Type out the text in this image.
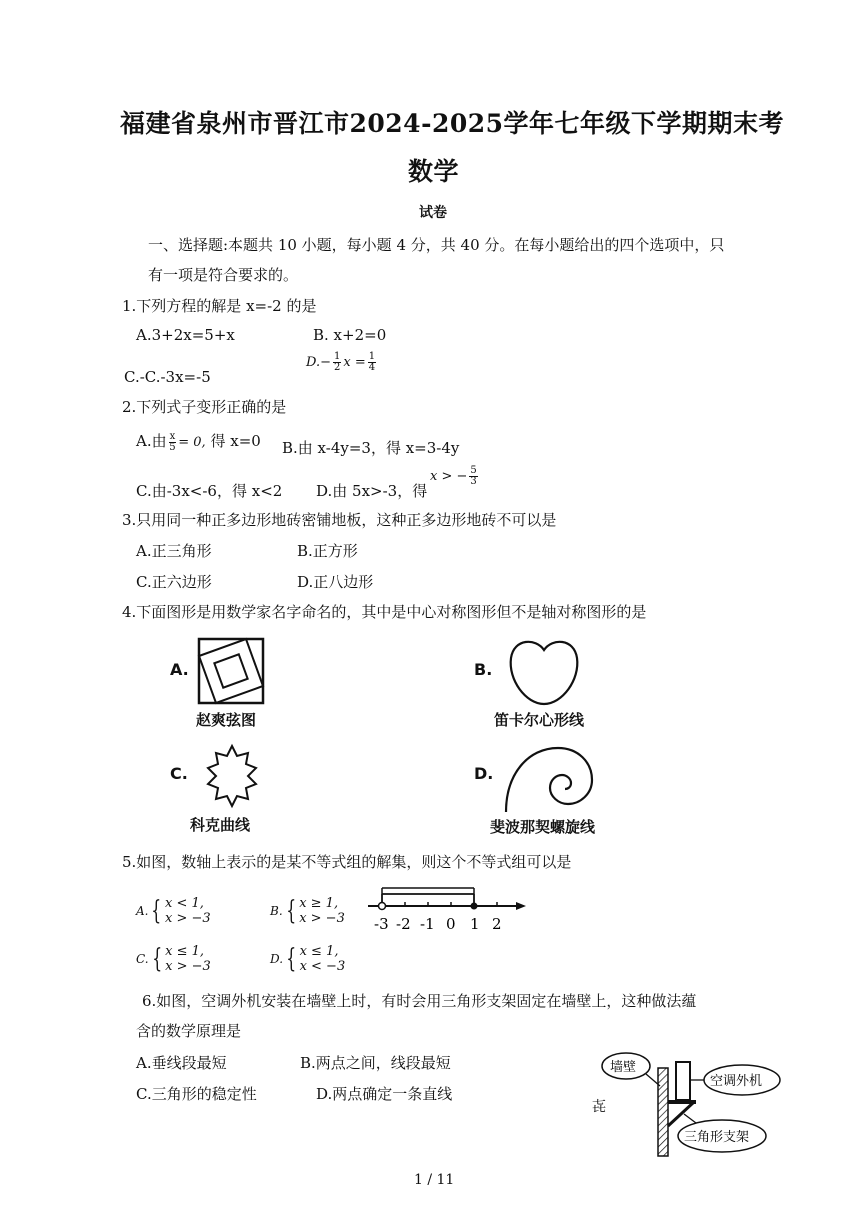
福建省泉州市晋江市2024-2025学年七年级下学期期末考
数学
试卷
一、选择题:本题共 10 小题，每小题 4 分，共 40 分。在每小题给出的四个选项中，只
有一项是符合要求的。
1.下列方程的解是 x=-2 的是
A.3+2x=5+x	B. x+2=0
C.-C.-3x=-5
$D.- \frac{1}{2}$ $x = \frac{1}{4}$
2.下列式子变形正确的是
A.由 $\frac{x}{5} = 0$, 得 x=0 B.由 x-4y=3，得 x=3-4y
C.由-3x<-6，得 x<2 D.由 5x>-3，得
x > − $\frac{5}{3}$
3.只用同一种正多边形地砖密铺地板，这种正多边形地砖不可以是
A.正三角形	B.正方形
C.正六边形	D.正八边形
4.下面图形是用数学家名字命名的，其中是中心对称图形但不是轴对称图形的是
A.
赵爽弦图
B.
笛卡尔心形线
C.
科克曲线
D.
斐波那契螺旋线
5.如图，数轴上表示的是某不等式组的解集，则这个不等式组可以是
A. { x < 1,
x > −3	B. { x ≥ 1,
x > −3
C. { x ≤ 1,
x > −3	D. { x ≤ 1,
x < −3
-3 -2 -1 0 1 2
6.如图，空调外机安装在墙壁上时，有时会用三角形支架固定在墙壁上，这种做法蕴
含的数学原理是
A.垂线段最短	B.两点之间，线段最短
C.三角形的稳定性	D.两点确定一条直线
㐂
墙壁
空调外机
三角形支架
1 / 11
